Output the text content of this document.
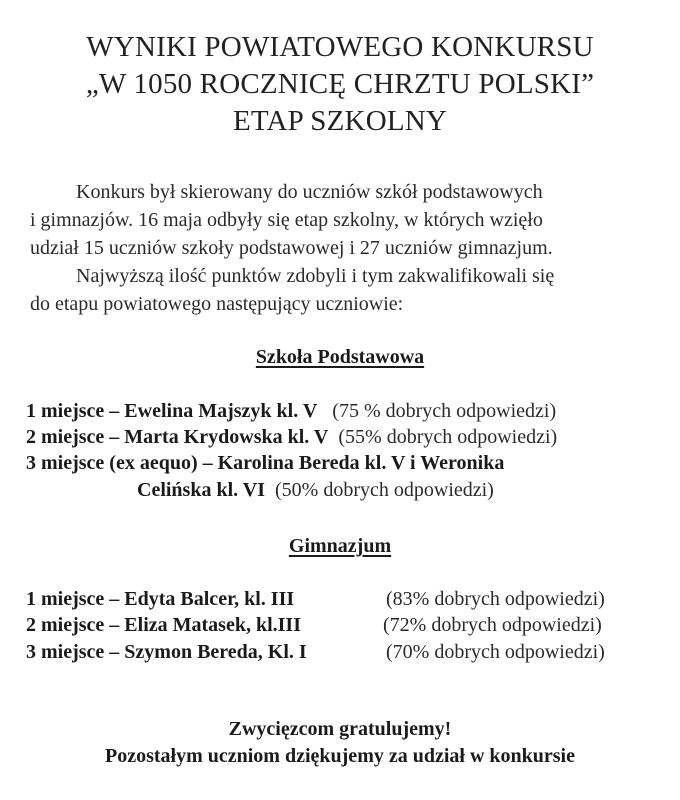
WYNIKI POWIATOWEGO KONKURSU
„W 1050 ROCZNICĘ CHRZTU POLSKI”
ETAP SZKOLNY
Konkurs był skierowany do uczniów szkół podstawowych
i gimnazjów. 16 maja odbyły się etap szkolny, w których wzięło
udział 15 uczniów szkoły podstawowej i 27 uczniów gimnazjum.
Najwyższą ilość punktów zdobyli i tym zakwalifikowali się
do etapu powiatowego następujący uczniowie:
Szkoła Podstawowa
1 miejsce – Ewelina Majszyk kl. V (75 % dobrych odpowiedzi)
2 miejsce – Marta Krydowska kl. V (55% dobrych odpowiedzi)
3 miejsce (ex aequo) – Karolina Bereda kl. V i Weronika
Celińska kl. VI (50% dobrych odpowiedzi)
Gimnazjum
1 miejsce – Edyta Balcer, kl. III	(83% dobrych odpowiedzi)
2 miejsce – Eliza Matasek, kl.III	(72% dobrych odpowiedzi)
3 miejsce – Szymon Bereda, Kl. I	(70% dobrych odpowiedzi)
Zwycięzcom gratulujemy!
Pozostałym uczniom dziękujemy za udział w konkursie
